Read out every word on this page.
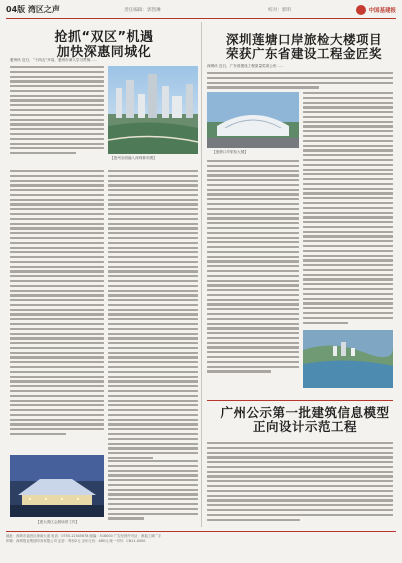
04版 湾区之声	责任编辑：郭凯琳	校对：郭明	中国基建报
抢抓“双区”机遇
加快深惠同城化
【惠州全面融入深圳都市圈】
惠州讯 近日，“十四五”开局，惠州市深入学习贯彻……
【惠大湾区会展场馆工作】
深圳莲塘口岸旅检大楼项目
荣获广东省建设工程金匠奖
深圳讯 近日，广东省建设工程质量奖项公布……
【莲塘口岸旅检大楼】
广州公示第一批建筑信息模型
正向设计示范工程
地址：深圳市福田区深南大道 电话：0755-12345678 邮编：518000 广告经营许可证：深福工商广字
印刷：深圳报业集团印务有限公司 定价：每份2元 全年订价：480元 统一刊号：CN11-0000
